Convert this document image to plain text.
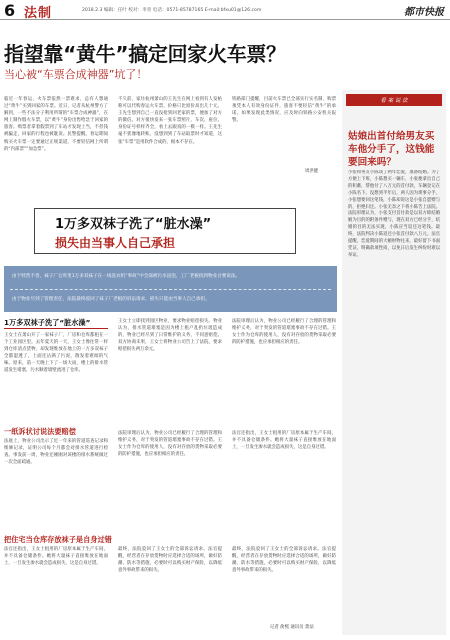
6 法制	2018.2.3 编辑：任叶 校对：李青 电话：0571-85787165 E-mail:bfxu01@126.com	都市快报
指望靠“黄牛”搞定回家火车票？
当心被“车票合成神器”坑了！

临近一年春运，火车票依然一票难求，总有人想通过“黄牛”买到回家的车票。近日，记者从杭州警方了解到，一些不法分子利用所谓的“车票合成神器”，在网上制作假火车票，以“黄牛”身份出售给急于回家的旅客。购票者拿着假票到了车站才发现上当，不但钱被骗走，回家的行程也被耽误。民警提醒，春运期间购买火车票一定要通过正规渠道，不要轻信网上所谓的“内部票”“加急票”。

不久前，家住杭州萧山的王先生在网上看到有人发帖称可以代购春运火车票，价格只比原价高出几十元。王先生想到自己一直没抢到回老家的票，便加了对方的微信。对方很快发来一张车票照片，车次、座位、身份证号样样齐全，看上去跟真的一模一样。王先生毫不犹豫地转账，没想到到了车站取票时才知道，这张“车票”是用软件合成的，根本不存在。

铁路部门提醒，目前火车票已全部实行实名制，购票须凭本人有效身份证件，旅客不要轻信“黄牛”的承诺。如果发现此类情况，应及时向铁路公安机关报警。

周洪健
1万多双袜子洗了“脏水澡”
损失由当事人自己承担
由于经营不善，袜子厂仓库里1万多双袜子在一场洗衣机“事故”中全部被污水浸泡，工厂老板找到物业讨要说法。
由于物业尽到了管理责任，法院最终驳回了袜子厂老板的诉讼请求，损失只能由当事人自己承担。
1万多双袜子洗了“脏水澡”

王女士在萧山开了一家袜子厂，厂房和仓库都租在一个工业园区里。去年夏天的一天，王女士像往常一样到仓库清点货物，却发现堆放在地上的一万多双袜子全都湿透了，上面还沾满了污泥，散发着难闻的气味。原来，前一天晚上下了一场大雨，楼上的排水管道发生堵塞，污水顺着墙壁流进了仓库。

王女士立即找到园区物业，要求物业赔偿损失。物业认为，排水管道堵塞是因为楼上租户乱扔垃圾造成的，物业已经尽到了日常维护的义务，不同意赔偿。双方协商未果，王女士将物业公司告上了法院，要求赔偿损失两万余元。

法院审理后认为，物业公司已经履行了合理的管理和维护义务，对于突发的管道堵塞事故不存在过错。王女士作为仓库的使用人，没有对存放的货物采取必要的防护措施，也应承担相应的责任。

一纸诉状讨说法要赔偿

法庭上，物业公司出示了近一年来的管道巡查记录和维修记录，证明公司每个月都会对排水管道进行检查。事发前一周，物业还刚刚对该楼的排水系统做过一次全面疏通。

法院审理后认为，物业公司已经履行了合理的管理和维护义务，对于突发的管道堵塞事故不存在过错。王女士作为仓库的使用人，没有对存放的货物采取必要的防护措施，也应承担相应的责任。

法官还指出，王女士租用的厂房原本属于生产车间，并不具备仓储条件。她将大量袜子直接堆放在地面上，一旦发生渗水就会造成损失，这是自身过错。

把住宅当仓库存放袜子是自身过错

法官还指出，王女士租用的厂房原本属于生产车间，并不具备仓储条件。她将大量袜子直接堆放在地面上，一旦发生渗水就会造成损失，这是自身过错。

最终，法院驳回了王女士的全部诉讼请求。法官提醒，经营者在存放货物时应选择合适的场所，做好防潮、防水等措施，必要时可以购买财产保险，以降低意外事故带来的损失。

最终，法院驳回了王女士的全部诉讼请求。法官提醒，经营者在存放货物时应选择合适的场所，做好防潮、防水等措施，必要时可以购买财产保险，以降低意外事故带来的损失。

记者 俞熙 通讯员 萧法
看 案 说 法
姑娘出首付给男友买车他分手了，这钱能要回来吗？

小张和男友小陈谈了两年恋爱，准备结婚。为了方便上下班，小陈想买一辆车，小张便拿出自己的积蓄，帮他付了八万元的首付款，车辆登记在小陈名下。没想到半年后，两人因为琐事分手，小张想要回这笔钱，小陈却说这是小张自愿赠与的，拒绝归还。小张无奈之下将小陈告上法院。法院审理认为，小张支付首付款是以双方缔结婚姻为目的的附条件赠与，现在双方已经分手，结婚的目的无法实现，小陈应当返还这笔钱。最终，法院判决小陈返还小张首付款八万元。法官提醒，恋爱期间的大额财物往来，最好留下书面凭证，明确款项性质，以免日后发生纠纷时难以举证。
